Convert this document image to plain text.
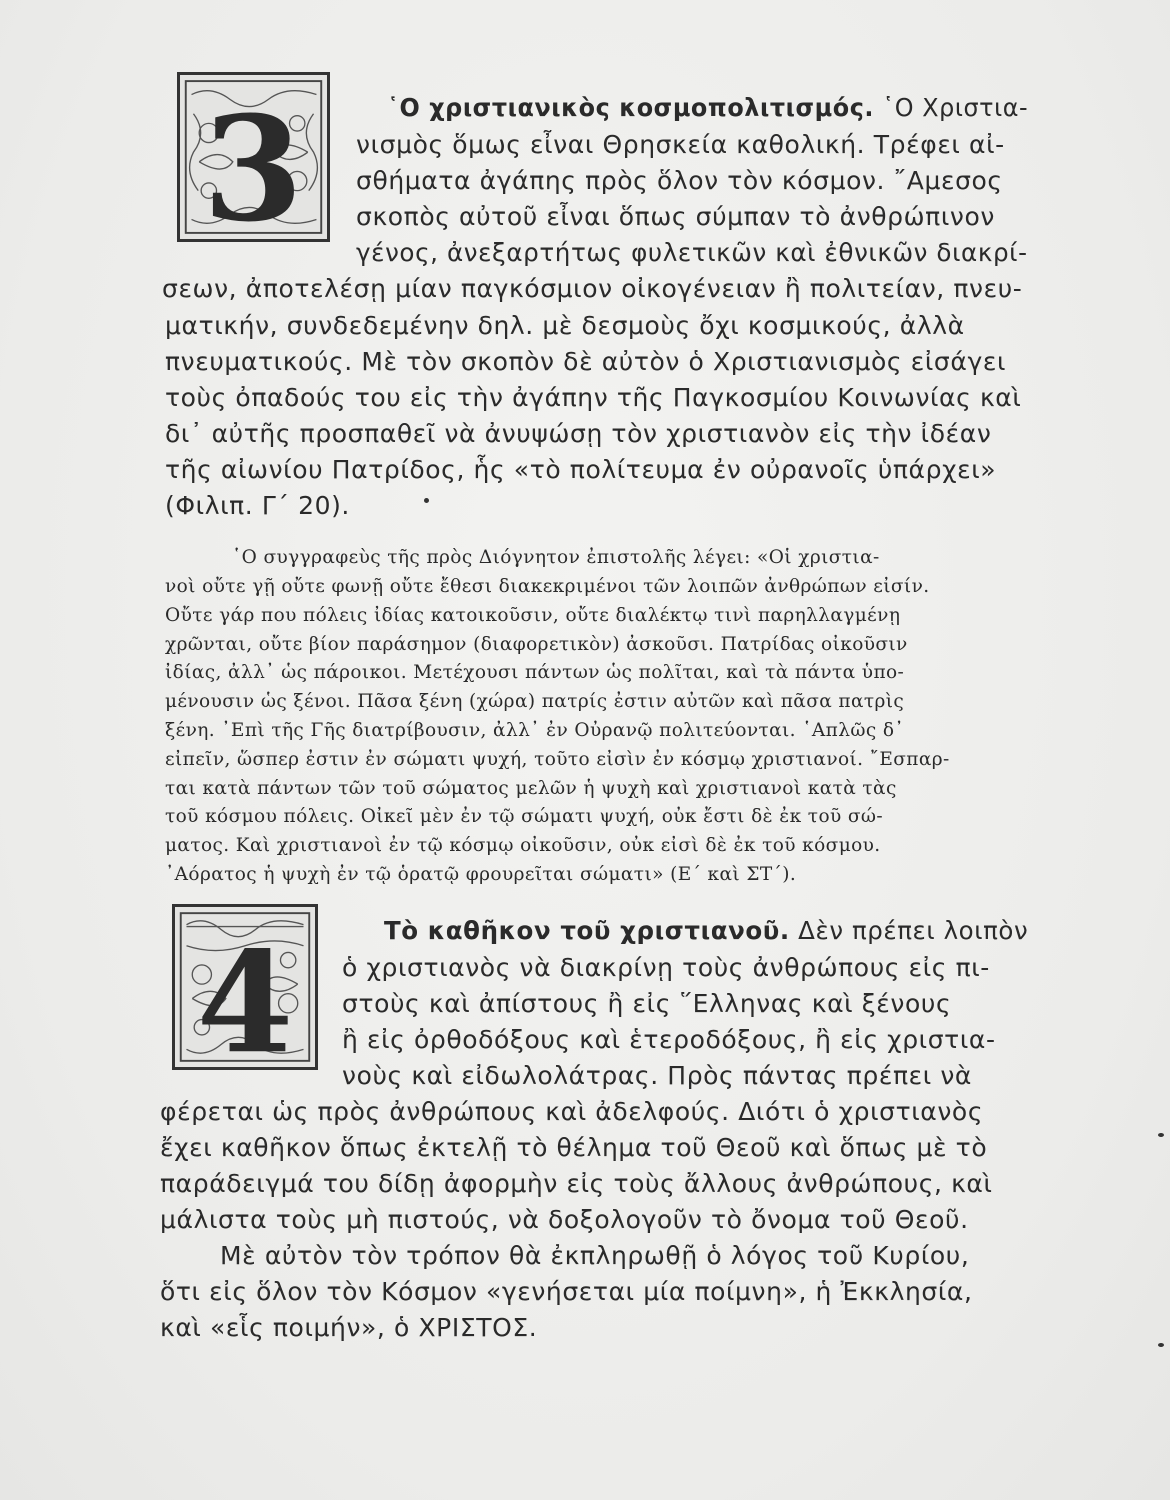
3	῾Ο χριστιανικὸς κοσμοπολιτισμός. ῾Ο Χριστια-
νισμὸς ὅμως εἶναι Θρησκεία καθολική. Τρέφει αἰ-
σθήματα ἀγάπης πρὸς ὅλον τὸν κόσμον. ῎Αμεσος
σκοπὸς αὐτοῦ εἶναι ὅπως σύμπαν τὸ ἀνθρώπινον
γένος, ἀνεξαρτήτως φυλετικῶν καὶ ἐθνικῶν διακρί-
σεων, ἀποτελέσῃ μίαν παγκόσμιον οἰκογένειαν ἢ πολιτείαν, πνευ-
ματικήν, συνδεδεμένην δηλ. μὲ δεσμοὺς ὄχι κοσμικούς, ἀλλὰ
πνευματικούς. Μὲ τὸν σκοπὸν δὲ αὐτὸν ὁ Χριστιανισμὸς εἰσάγει
τοὺς ὀπαδούς του εἰς τὴν ἀγάπην τῆς Παγκοσμίου Κοινωνίας καὶ
δι᾽ αὐτῆς προσπαθεῖ νὰ ἀνυψώσῃ τὸν χριστιανὸν εἰς τὴν ἰδέαν
τῆς αἰωνίου Πατρίδος, ἧς «τὸ πολίτευμα ἐν οὐρανοῖς ὑπάρχει»
(Φιλιπ. Γ´ 20).
῾Ο συγγραφεὺς τῆς πρὸς Διόγνητον ἐπιστολῆς λέγει: «Οἱ χριστια-
νοὶ οὔτε γῇ οὔτε φωνῇ οὔτε ἔθεσι διακεκριμένοι τῶν λοιπῶν ἀνθρώπων εἰσίν.
Οὔτε γάρ που πόλεις ἰδίας κατοικοῦσιν, οὔτε διαλέκτῳ τινὶ παρηλλαγμένῃ
χρῶνται, οὔτε βίον παράσημον (διαφορετικὸν) ἀσκοῦσι. Πατρίδας οἰκοῦσιν
ἰδίας, ἀλλ᾽ ὡς πάροικοι. Μετέχουσι πάντων ὡς πολῖται, καὶ τὰ πάντα ὑπο-
μένουσιν ὡς ξένοι. Πᾶσα ξένη (χώρα) πατρίς ἐστιν αὐτῶν καὶ πᾶσα πατρὶς
ξένη. ᾽Επὶ τῆς Γῆς διατρίβουσιν, ἀλλ᾽ ἐν Οὐρανῷ πολιτεύονται. ῾Απλῶς δ᾽
εἰπεῖν, ὥσπερ ἐστιν ἐν σώματι ψυχή, τοῦτο εἰσὶν ἐν κόσμῳ χριστιανοί. ῎Εσπαρ-
ται κατὰ πάντων τῶν τοῦ σώματος μελῶν ἡ ψυχὴ καὶ χριστιανοὶ κατὰ τὰς
τοῦ κόσμου πόλεις. Οἰκεῖ μὲν ἐν τῷ σώματι ψυχή, οὐκ ἔστι δὲ ἐκ τοῦ σώ-
ματος. Καὶ χριστιανοὶ ἐν τῷ κόσμῳ οἰκοῦσιν, οὐκ εἰσὶ δὲ ἐκ τοῦ κόσμου.
᾽Αόρατος ἡ ψυχὴ ἐν τῷ ὁρατῷ φρουρεῖται σώματι» (Ε´ καὶ ΣΤ´).
4	Τὸ καθῆκον τοῦ χριστιανοῦ. Δὲν πρέπει λοιπὸν
ὁ χριστιανὸς νὰ διακρίνῃ τοὺς ἀνθρώπους εἰς πι-
στοὺς καὶ ἀπίστους ἢ εἰς ῞Ελληνας καὶ ξένους
ἢ εἰς ὀρθοδόξους καὶ ἑτεροδόξους, ἢ εἰς χριστια-
νοὺς καὶ εἰδωλολάτρας. Πρὸς πάντας πρέπει νὰ
φέρεται ὡς πρὸς ἀνθρώπους καὶ ἀδελφούς. Διότι ὁ χριστιανὸς
ἔχει καθῆκον ὅπως ἐκτελῇ τὸ θέλημα τοῦ Θεοῦ καὶ ὅπως μὲ τὸ
παράδειγμά του δίδῃ ἀφορμὴν εἰς τοὺς ἄλλους ἀνθρώπους, καὶ
μάλιστα τοὺς μὴ πιστούς, νὰ δοξολογοῦν τὸ ὄνομα τοῦ Θεοῦ.
Μὲ αὐτὸν τὸν τρόπον θὰ ἐκπληρωθῇ ὁ λόγος τοῦ Κυρίου,
ὅτι εἰς ὅλον τὸν Κόσμον «γενήσεται μία ποίμνη», ἡ Ἐκκλησία,
καὶ «εἷς ποιμήν», ὁ ΧΡΙΣΤΟΣ.
